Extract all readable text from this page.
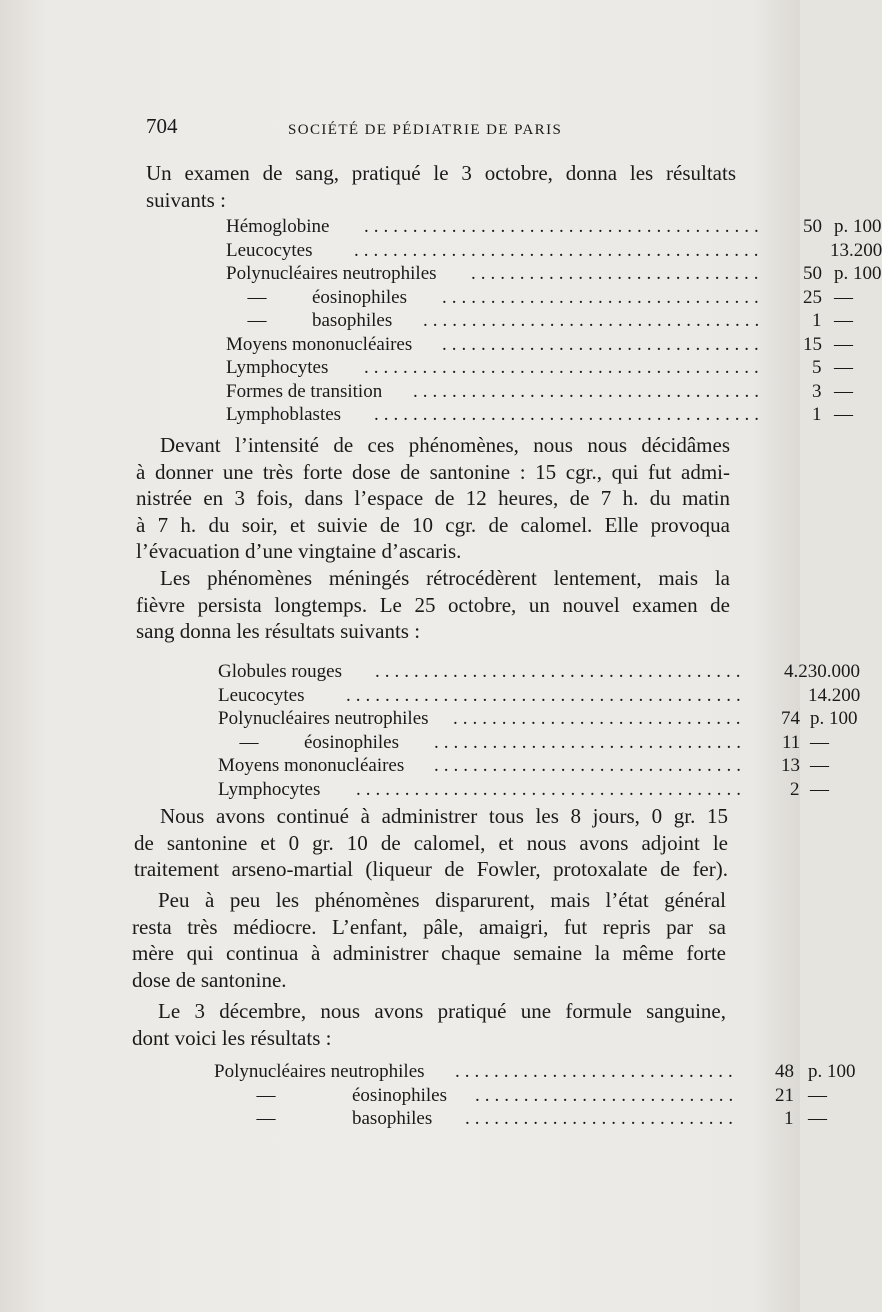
704	SOCIÉTÉ DE PÉDIATRIE DE PARIS

Un examen de sang, pratiqué le 3 octobre, donna les résultats
suivants :

Hémoglobine ......................................... 50 p. 100
Leucocytes ..........................................	13.200
Polynucléaires neutrophiles .............................. 50 p. 100
— éosinophiles ................................. 25 —
— basophiles ...................................	1 —
Moyens mononucléaires ................................. 15 —
Lymphocytes .........................................	5 —
Formes de transition ....................................	3 —
Lymphoblastes ........................................	1 —

Devant l’intensité de ces phénomènes, nous nous décidâmes
à donner une très forte dose de santonine : 15 cgr., qui fut admi-
nistrée en 3 fois, dans l’espace de 12 heures, de 7 h. du matin
à 7 h. du soir, et suivie de 10 cgr. de calomel. Elle provoqua
l’évacuation d’une vingtaine d’ascaris.

Les phénomènes méningés rétrocédèrent lentement, mais la
fièvre persista longtemps. Le 25 octobre, un nouvel examen de
sang donna les résultats suivants :

Globules rouges ...................................... 4.230.000
Leucocytes .........................................	14.200
Polynucléaires neutrophiles .............................. 74 p. 100
— éosinophiles ................................ 11 —
Moyens mononucléaires ................................ 13 —
Lymphocytes ........................................ 2 —

Nous avons continué à administrer tous les 8 jours, 0 gr. 15
de santonine et 0 gr. 10 de calomel, et nous avons adjoint le
traitement arseno-martial (liqueur de Fowler, protoxalate de fer).

Peu à peu les phénomènes disparurent, mais l’état général
resta très médiocre. L’enfant, pâle, amaigri, fut repris par sa
mère qui continua à administrer chaque semaine la même forte
dose de santonine.

Le 3 décembre, nous avons pratiqué une formule sanguine,
dont voici les résultats :

Polynucléaires neutrophiles ............................. 48 p. 100
—	éosinophiles ........................... 21 —
—	basophiles ............................ 1 —
